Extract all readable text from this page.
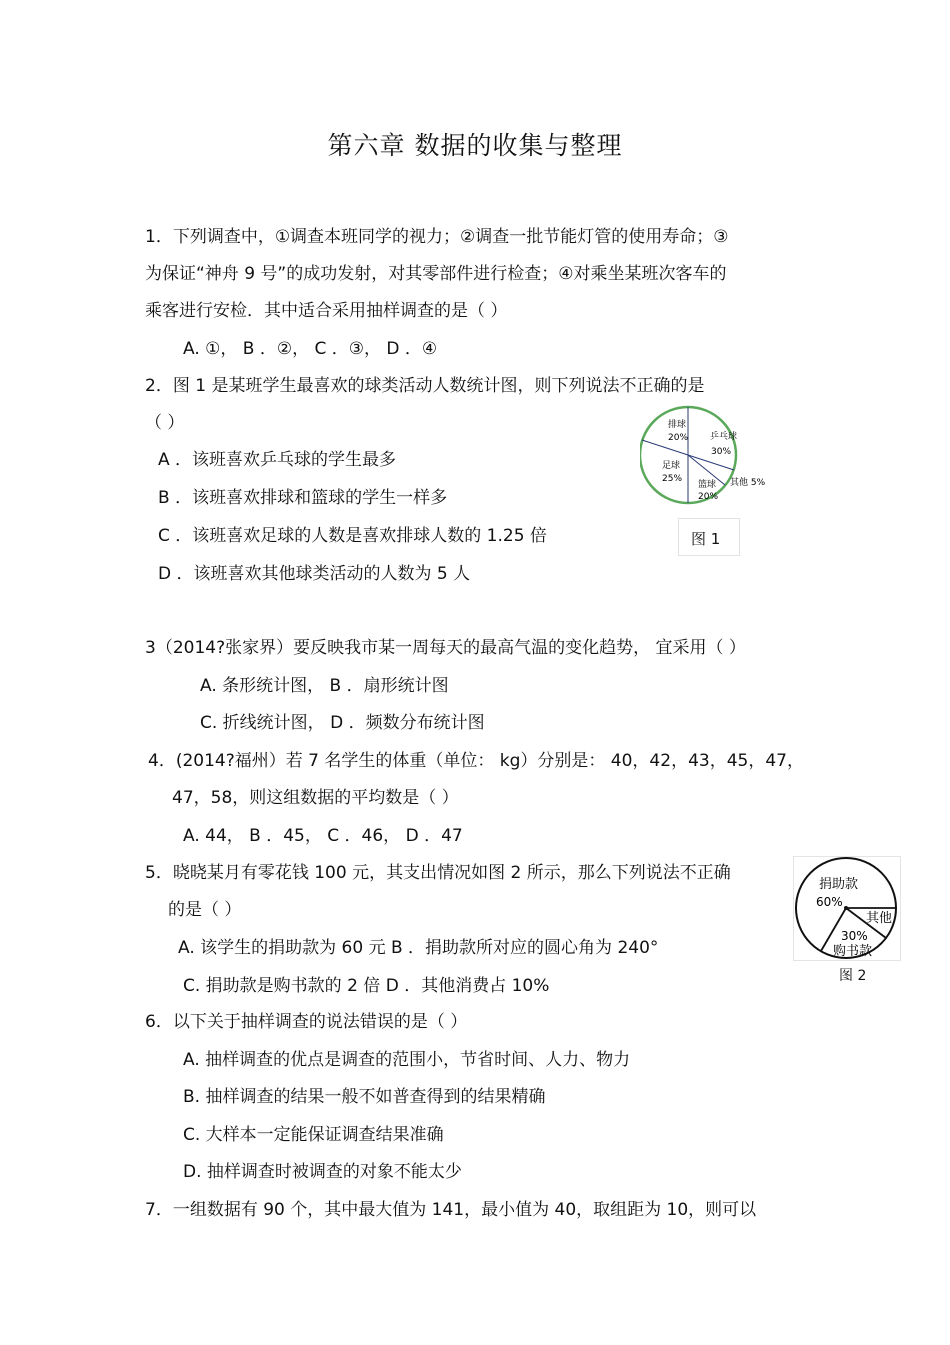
第六章 数据的收集与整理
1．下列调查中，①调查本班同学的视力；②调查一批节能灯管的使用寿命；③
为保证“神舟 9 号”的成功发射，对其零部件进行检查；④对乘坐某班次客车的
乘客进行安检．其中适合采用抽样调查的是（ ）
A. ①， B ．②， C ．③， D ．④
2．图 1 是某班学生最喜欢的球类活动人数统计图，则下列说法不正确的是
（ ）
A ．该班喜欢乒乓球的学生最多
B ．该班喜欢排球和篮球的学生一样多
C ．该班喜欢足球的人数是喜欢排球人数的 1.25 倍
D ．该班喜欢其他球类活动的人数为 5 人
排球
20% 乒乓球
30%
篮球
20%
足球
25%	其他 5%
图 1
3（2014?张家界）要反映我市某一周每天的最高气温的变化趋势， 宜采用（ ）
A. 条形统计图， B ．扇形统计图
C. 折线统计图， D ．频数分布统计图
4．(2014?福州）若 7 名学生的体重（单位： kg）分别是： 40，42，43，45，47，
47，58，则这组数据的平均数是（ ）
A. 44， B ．45， C ．46， D ．47
5．晓晓某月有零花钱 100 元，其支出情况如图 2 所示，那么下列说法不正确
的是（ ）
A. 该学生的捐助款为 60 元 B ．捐助款所对应的圆心角为 240°
C. 捐助款是购书款的 2 倍 D ．其他消费占 10%
捐助款
60%
其他
30%
购书款
图 2
6．以下关于抽样调查的说法错误的是（ ）
A. 抽样调查的优点是调查的范围小，节省时间、人力、物力
B. 抽样调查的结果一般不如普查得到的结果精确
C. 大样本一定能保证调查结果准确
D. 抽样调查时被调查的对象不能太少
7．一组数据有 90 个，其中最大值为 141，最小值为 40，取组距为 10，则可以
